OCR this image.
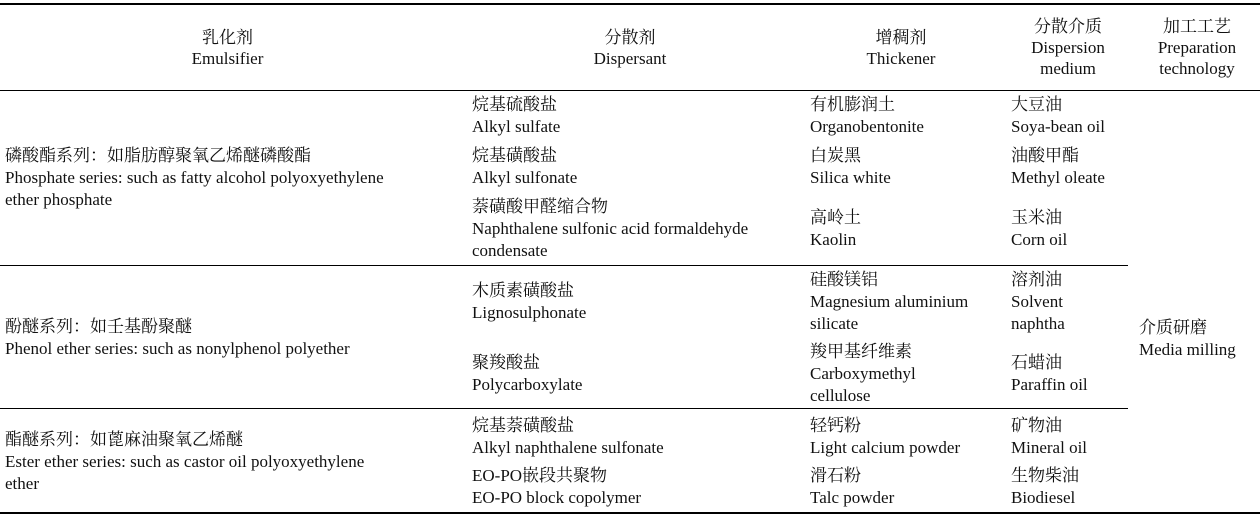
乳化剂
Emulsifier
分散剂
Dispersant
增稠剂
Thickener
分散介质
Dispersion
medium
加工工艺
Preparation
technology
磷酸酯系列：如脂肪醇聚氧乙烯醚磷酸酯
Phosphate series: such as fatty alcohol polyoxyethylene
ether phosphate
烷基硫酸盐
Alkyl sulfate
烷基磺酸盐
Alkyl sulfonate
萘磺酸甲醛缩合物
Naphthalene sulfonic acid formaldehyde
condensate
有机膨润土
Organobentonite
白炭黑
Silica white
高岭土
Kaolin
大豆油
Soya-bean oil
油酸甲酯
Methyl oleate
玉米油
Corn oil
酚醚系列：如壬基酚聚醚
Phenol ether series: such as nonylphenol polyether
木质素磺酸盐
Lignosulphonate
聚羧酸盐
Polycarboxylate
硅酸镁铝
Magnesium aluminium
silicate
羧甲基纤维素
Carboxymethyl
cellulose
溶剂油
Solvent
naphtha
石蜡油
Paraffin oil
酯醚系列：如蓖麻油聚氧乙烯醚
Ester ether series: such as castor oil polyoxyethylene
ether
烷基萘磺酸盐
Alkyl naphthalene sulfonate
EO-PO嵌段共聚物
EO-PO block copolymer
轻钙粉
Light calcium powder
滑石粉
Talc powder
矿物油
Mineral oil
生物柴油
Biodiesel
介质研磨
Media milling
